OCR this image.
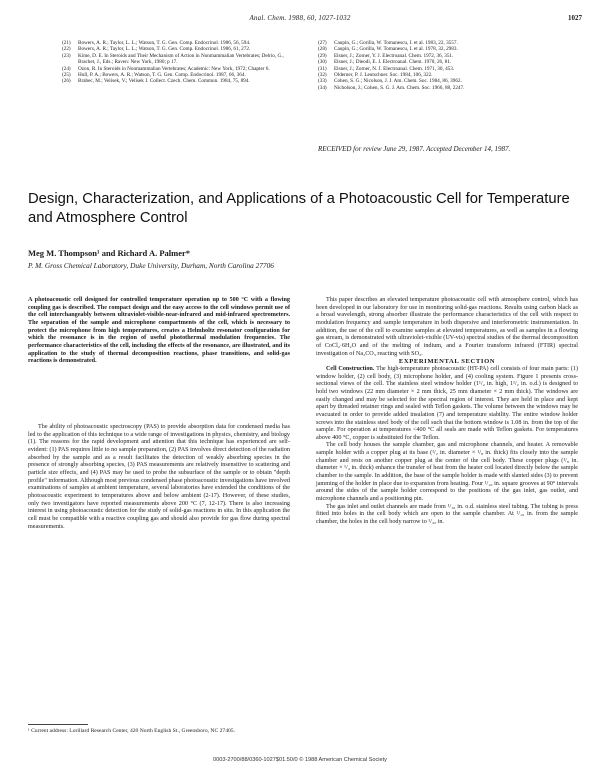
Anal. Chem. 1988, 60, 1027-1032	1027
(21)	Bowers, A. R.; Taylor, L. L.; Watson, T. G. Gen. Comp. Endocrinol. 1986, 56, 594.
(22)	Bowers, A. R.; Taylor, L. L.; Watson, T. G. Gen. Comp. Endocrinol. 1986, 61, 272.
(23)	Kime, D. E. In Steroids and Their Mechanism of Action in Nonmammalian Vertebrates; Delrio, G., Brachet, J., Eds.; Raven: New York, 1980; p 17.
(24)	Ozon, R. In Steroids in Nonmammalian Vertebrates; Academic: New York, 1972; Chapter 6.
(25)	Hull, P. A.; Bowers, A. R.; Watson, T. G. Gen. Comp. Endocrinol. 1987, 66, 364.
(26)	Brabec, M.; Velisek, V.; Velisek J. Collect. Czech. Chem. Commun. 1984, 75, 894.
(27)	Caupin, G.; Gorilla, W. Tomanescu, I. et al. 1983, 22, 3557.
(28)	Caupin, G.; Gorilla, W. Tomanescu, I. et al. 1978, 32, 2983.
(29)	Elsner, J.; Zorner, Y. J. Electroanal. Chem. 1972, 36, 351.
(30)	Elsner, J.; Dieodi, E. J. Electroanal. Chem. 1970, 26, 81.
(31)	Elsner, J.; Zorner, N. J. Electroanal. Chem. 1971, 30, 453.
(32)	Olderner, P. J. Leutschner. Soc. 1984, 106, 322.
(33)	Cohen, S. G.; Nicolson, J. J. Am. Chem. Soc. 1984, 86, 3962.
(34)	Nicholson, J.; Cohen, S. G. J. Am. Chem. Soc. 1966, 88, 2247.
RECEIVED for review June 29, 1987. Accepted December 14, 1987.
Design, Characterization, and Applications of a Photoacoustic Cell for Temperature and Atmosphere Control
Meg M. Thompson¹ and Richard A. Palmer*
P. M. Gross Chemical Laboratory, Duke University, Durham, North Carolina 27706
A photoacoustic cell designed for controlled temperature operation up to 500 °C with a flowing coupling gas is described. The compact design and the easy access to the cell windows permit use of the cell interchangeably between ultraviolet-visible-near-infrared and mid-infrared spectrometers. The separation of the sample and microphone compartments of the cell, which is necessary to protect the microphone from high temperatures, creates a Helmholtz resonator configuration for which the resonance is in the region of useful photothermal modulation frequencies. The performance characteristics of the cell, including the effects of the resonance, are illustrated, and its application to the study of thermal decomposition reactions, phase transitions, and solid-gas reactions is demonstrated.

The ability of photoacoustic spectroscopy (PAS) to provide absorption data for condensed media has led to the application of this technique to a wide range of investigations in physics, chemistry, and biology (1). The reasons for the rapid development and attention that this technique has experienced are self-evident: (1) PAS requires little to no sample preparation, (2) PAS involves direct detection of the radiation absorbed by the sample and as a result facilitates the detection of weakly absorbing species in the presence of strongly absorbing species, (3) PAS measurements are relatively insensitive to scattering and particle size effects, and (4) PAS may be used to probe the subsurface of the sample or to obtain "depth profile" information. Although most previous condensed phase photoacoustic investigations have involved examinations of samples at ambient temperature, several laboratories have extended the conditions of the photoacoustic experiment to temperatures above and below ambient (2-17). However, of these studies, only two investigators have reported measurements above 200 °C (7, 12-17). There is also increasing interest in using photoacoustic detection for the study of solid-gas reactions in situ. In this application the cell must be compatible with a reactive coupling gas and should also provide for gas flow during spectral measurements.

¹ Current address: Lorillard Research Center, 420 North English St., Greensboro, NC 27405.

This paper describes an elevated temperature photoacoustic cell with atmosphere control, which has been developed in our laboratory for use in monitoring solid-gas reactions. Results using carbon black as a broad wavelength, strong absorber illustrate the performance characteristics of the cell with respect to modulation frequency and sample temperature in both dispersive and interferometric instrumentation. In addition, the use of the cell to examine samples at elevated temperatures, as well as samples in a flowing gas stream, is demonstrated with ultraviolet-visible (UV-vis) spectral studies of the thermal decomposition of CoCl₂·6H₂O and of the melting of indium, and a Fourier transform infrared (FTIR) spectral investigation of Na₂CO₃ reacting with SO₂.

EXPERIMENTAL SECTION

Cell Construction. The high-temperature photoacoustic (HT-PA) cell consists of four main parts: (1) window holder, (2) cell body, (3) microphone holder, and (4) cooling system. Figure 1 presents cross-sectional views of the cell. The stainless steel window holder (1¹/₂ in. high, 1¹/₂ in. o.d.) is designed to hold two windows (22 mm diameter × 2 mm thick, 25 mm diameter × 2 mm thick). The windows are easily changed and may be selected for the spectral region of interest. They are held in place and kept apart by threaded retainer rings and sealed with Teflon gaskets. The volume between the windows may be evacuated in order to provide added insulation (7) and temperature stability. The entire window holder screws into the stainless steel body of the cell such that the bottom window is 1.08 in. from the top of the sample. For operation at temperatures <400 °C all seals are made with Teflon gaskets. For temperatures above 400 °C, copper is substituted for the Teflon.

The cell body houses the sample chamber, gas and microphone channels, and heater. A removable sample holder with a copper plug at its base (¹/₂ in. diameter × ¹/₈ in. thick) fits closely into the sample chamber and rests on another copper plug at the center of the cell body. These copper plugs (¹/₈ in. diameter × ¹/₄ in. thick) enhance the transfer of heat from the heater coil located directly below the sample chamber to the sample. In addition, the base of the sample holder is made with slanted sides (3) to prevent jamming of the holder in place due to expansion from heating. Four ¹/₁₆ in. square grooves at 90° intervals around the sides of the sample holder correspond to the positions of the gas inlet, gas outlet, and microphone channels and a positioning pin.

The gas inlet and outlet channels are made from ¹/₁₆ in. o.d. stainless steel tubing. The tubing is press fitted into holes in the cell body which are open to the sample chamber. At ¹/₁₆ in. from the sample chamber, the holes in the cell body narrow to ¹/₃₂ in.

0003-2700/88/0360-1027$01.50/0 © 1988 American Chemical Society
